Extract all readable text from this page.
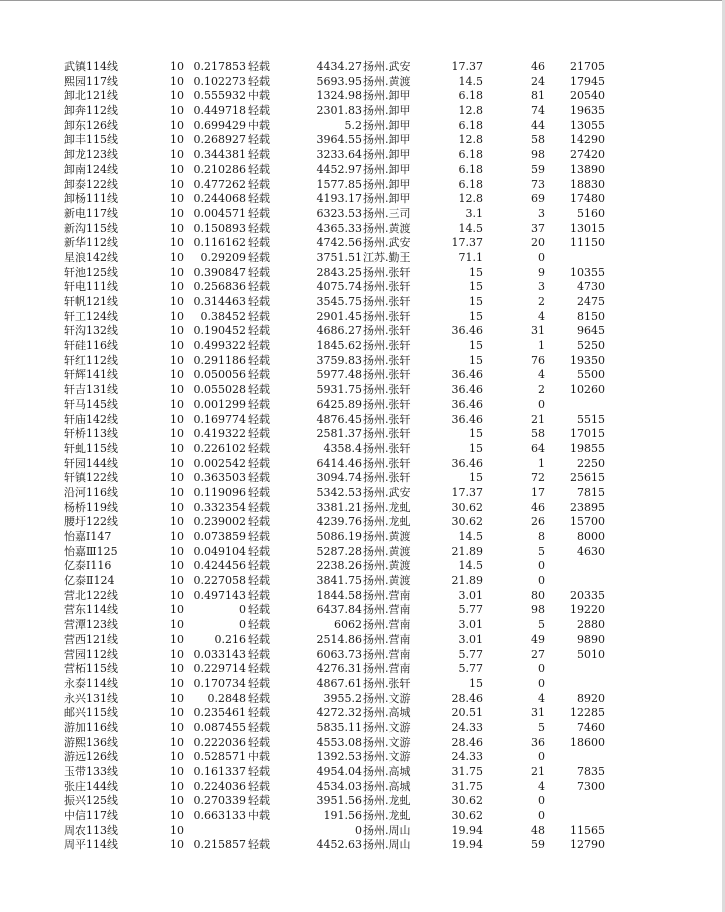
武镇114线	10 0.217853 轻载	4434.27 扬州.武安	17.37	46	21705
熙园117线	10 0.102273 轻载	5693.95 扬州.黄渡	14.5	24	17945
卸北121线	10 0.555932 中载	1324.98 扬州.卸甲	6.18	81	20540
卸奔112线	10 0.449718 轻载	2301.83 扬州.卸甲	12.8	74	19635
卸东126线	10 0.699429 中载	5.2 扬州.卸甲	6.18	44	13055
卸丰115线	10 0.268927 轻载	3964.55 扬州.卸甲	12.8	58	14290
卸龙123线	10 0.344381 轻载	3233.64 扬州.卸甲	6.18	98	27420
卸南124线	10 0.210286 轻载	4452.97 扬州.卸甲	6.18	59	13890
卸泰122线	10 0.477262 轻载	1577.85 扬州.卸甲	6.18	73	18830
卸杨111线	10 0.244068 轻载	4193.17 扬州.卸甲	12.8	69	17480
新电117线	10 0.004571 轻载	6323.53 扬州.三司	3.1	3	5160
新沟115线	10 0.150893 轻载	4365.33 扬州.黄渡	14.5	37	13015
新华112线	10 0.116162 轻载	4742.56 扬州.武安	17.37	20	11150
星浪142线	10	0.29209 轻载	3751.51 江苏.勤王	71.1	0
轩池125线	10 0.390847 轻载	2843.25 扬州.张轩	15	9	10355
轩电111线	10 0.256836 轻载	4075.74 扬州.张轩	15	3	4730
轩帆121线	10 0.314463 轻载	3545.75 扬州.张轩	15	2	2475
轩工124线	10	0.38452 轻载	2901.45 扬州.张轩	15	4	8150
轩沟132线	10 0.190452 轻载	4686.27 扬州.张轩	36.46	31	9645
轩硅116线	10 0.499322 轻载	1845.62 扬州.张轩	15	1	5250
轩红112线	10 0.291186 轻载	3759.83 扬州.张轩	15	76	19350
轩辉141线	10 0.050056 轻载	5977.48 扬州.张轩	36.46	4	5500
轩吉131线	10 0.055028 轻载	5931.75 扬州.张轩	36.46	2	10260
轩马145线	10 0.001299 轻载	6425.89 扬州.张轩	36.46	0
轩庙142线	10 0.169774 轻载	4876.45 扬州.张轩	36.46	21	5515
轩桥113线	10 0.419322 轻载	2581.37 扬州.张轩	15	58	17015
轩虬115线	10 0.226102 轻载	4358.4 扬州.张轩	15	64	19855
轩园144线	10 0.002542 轻载	6414.46 扬州.张轩	36.46	1	2250
轩镇122线	10 0.363503 轻载	3094.74 扬州.张轩	15	72	25615
沿河116线	10 0.119096 轻载	5342.53 扬州.武安	17.37	17	7815
杨桥119线	10 0.332354 轻载	3381.21 扬州.龙虬	30.62	46	23895
腰圩122线	10 0.239002 轻载	4239.76 扬州.龙虬	30.62	26	15700
怡嘉Ⅰ147	10 0.073859 轻载	5086.19 扬州.黄渡	14.5	8	8000
怡嘉Ⅲ125	10 0.049104 轻载	5287.28 扬州.黄渡	21.89	5	4630
亿泰Ⅰ116	10 0.424456 轻载	2238.26 扬州.黄渡	14.5	0
亿泰Ⅱ124	10 0.227058 轻载	3841.75 扬州.黄渡	21.89	0
营北122线	10 0.497143 轻载	1844.58 扬州.营南	3.01	80	20335
营东114线	10	0 轻载	6437.84 扬州.营南	5.77	98	19220
营潭123线	10	0 轻载	6062 扬州.营南	3.01	5	2880
营西121线	10	0.216 轻载	2514.86 扬州.营南	3.01	49	9890
营园112线	10 0.033143 轻载	6063.73 扬州.营南	5.77	27	5010
营柘115线	10 0.229714 轻载	4276.31 扬州.营南	5.77	0
永泰114线	10 0.170734 轻载	4867.61 扬州.张轩	15	0
永兴131线	10	0.2848 轻载	3955.2 扬州.文游	28.46	4	8920
邮兴115线	10 0.235461 轻载	4272.32 扬州.高城	20.51	31	12285
游加116线	10 0.087455 轻载	5835.11 扬州.文游	24.33	5	7460
游熙136线	10 0.222036 轻载	4553.08 扬州.文游	28.46	36	18600
游远126线	10 0.528571 中载	1392.53 扬州.文游	24.33	0
玉带133线	10 0.161337 轻载	4954.04 扬州.高城	31.75	21	7835
张庄144线	10 0.224036 轻载	4534.03 扬州.高城	31.75	4	7300
振兴125线	10 0.270339 轻载	3951.56 扬州.龙虬	30.62	0
中信117线	10 0.663133 中载	191.56 扬州.龙虬	30.62	0
周农113线	10	0 扬州.周山	19.94	48	11565
周平114线	10 0.215857 轻载	4452.63 扬州.周山	19.94	59	12790
